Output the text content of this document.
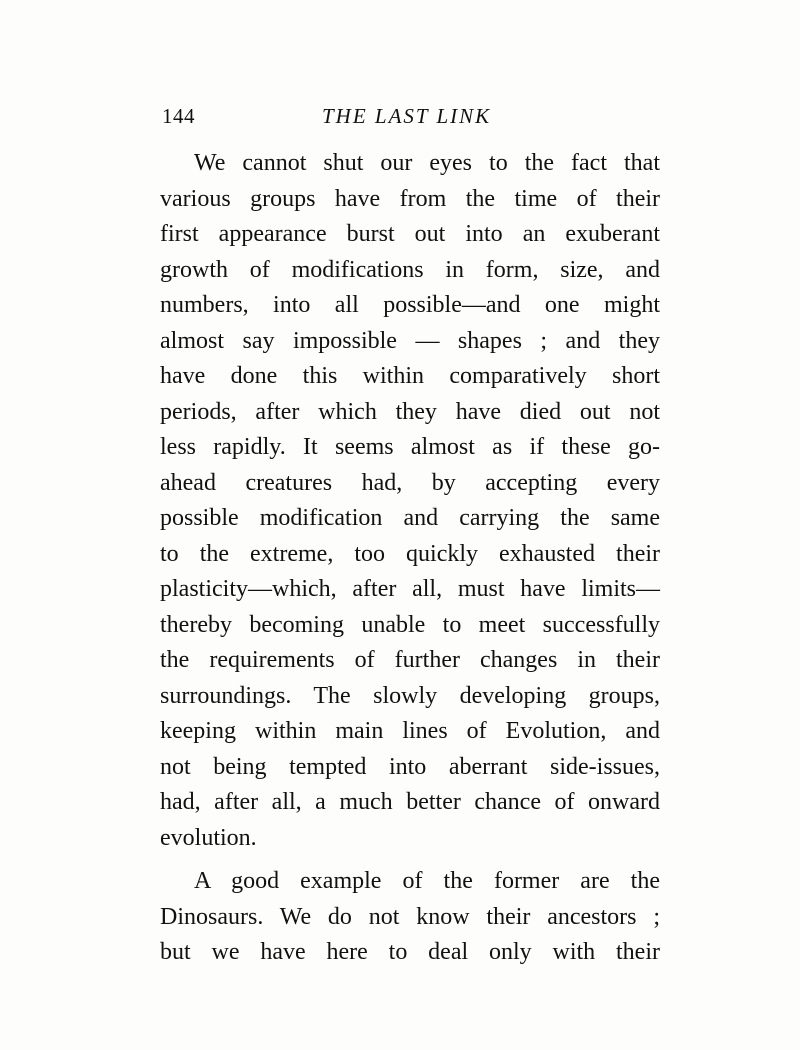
144	THE LAST LINK

We cannot shut our eyes to the fact that
various groups have from the time of their
first appearance burst out into an exuberant
growth of modifications in form, size, and
numbers, into all possible—and one might
almost say impossible — shapes ; and they
have done this within comparatively short
periods, after which they have died out not
less rapidly. It seems almost as if these go-
ahead creatures had, by accepting every
possible modification and carrying the same
to the extreme, too quickly exhausted their
plasticity—which, after all, must have limits—
thereby becoming unable to meet successfully
the requirements of further changes in their
surroundings. The slowly developing groups,
keeping within main lines of Evolution, and
not being tempted into aberrant side-issues,
had, after all, a much better chance of onward
evolution.

A good example of the former are the
Dinosaurs. We do not know their ancestors ;
but we have here to deal only with their
